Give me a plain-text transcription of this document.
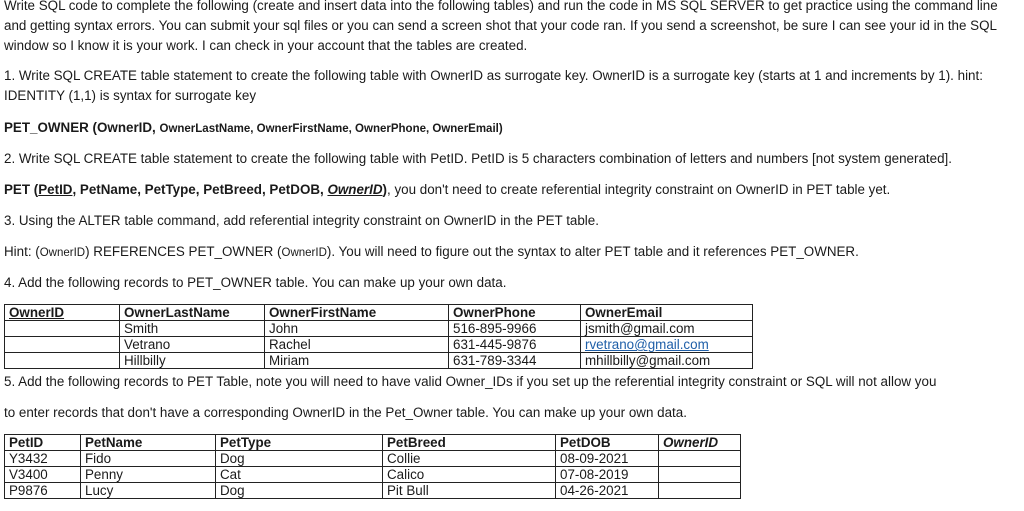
Write SQL code to complete the following (create and insert data into the following tables) and run the code in MS SQL SERVER to get practice using the command line and getting syntax errors. You can submit your sql files or you can send a screen shot that your code ran. If you send a screenshot, be sure I can see your id in the SQL window so I know it is your work. I can check in your account that the tables are created.
1. Write SQL CREATE table statement to create the following table with OwnerID as surrogate key. OwnerID is a surrogate key (starts at 1 and increments by 1). hint: IDENTITY (1,1) is syntax for surrogate key
PET_OWNER (OwnerID, OwnerLastName, OwnerFirstName, OwnerPhone, OwnerEmail)
2. Write SQL CREATE table statement to create the following table with PetID. PetID is 5 characters combination of letters and numbers [not system generated].
PET (PetID, PetName, PetType, PetBreed, PetDOB, OwnerID), you don't need to create referential integrity constraint on OwnerID in PET table yet.
3. Using the ALTER table command, add referential integrity constraint on OwnerID in the PET table.
Hint: (OwnerID) REFERENCES PET_OWNER (OwnerID). You will need to figure out the syntax to alter PET table and it references PET_OWNER.
4. Add the following records to PET_OWNER table. You can make up your own data.
OwnerID	OwnerLastName	OwnerFirstName	OwnerPhone	OwnerEmail
	Smith	John	516-895-9966	jsmith@gmail.com
	Vetrano	Rachel	631-445-9876	rvetrano@gmail.com
	Hillbilly	Miriam	631-789-3344	mhillbilly@gmail.com
5. Add the following records to PET Table, note you will need to have valid Owner_IDs if you set up the referential integrity constraint or SQL will not allow you
to enter records that don't have a corresponding OwnerID in the Pet_Owner table. You can make up your own data.
PetID	PetName	PetType	PetBreed	PetDOB	OwnerID
Y3432	Fido	Dog	Collie	08-09-2021	
V3400	Penny	Cat	Calico	07-08-2019	
P9876	Lucy	Dog	Pit Bull	04-26-2021	
